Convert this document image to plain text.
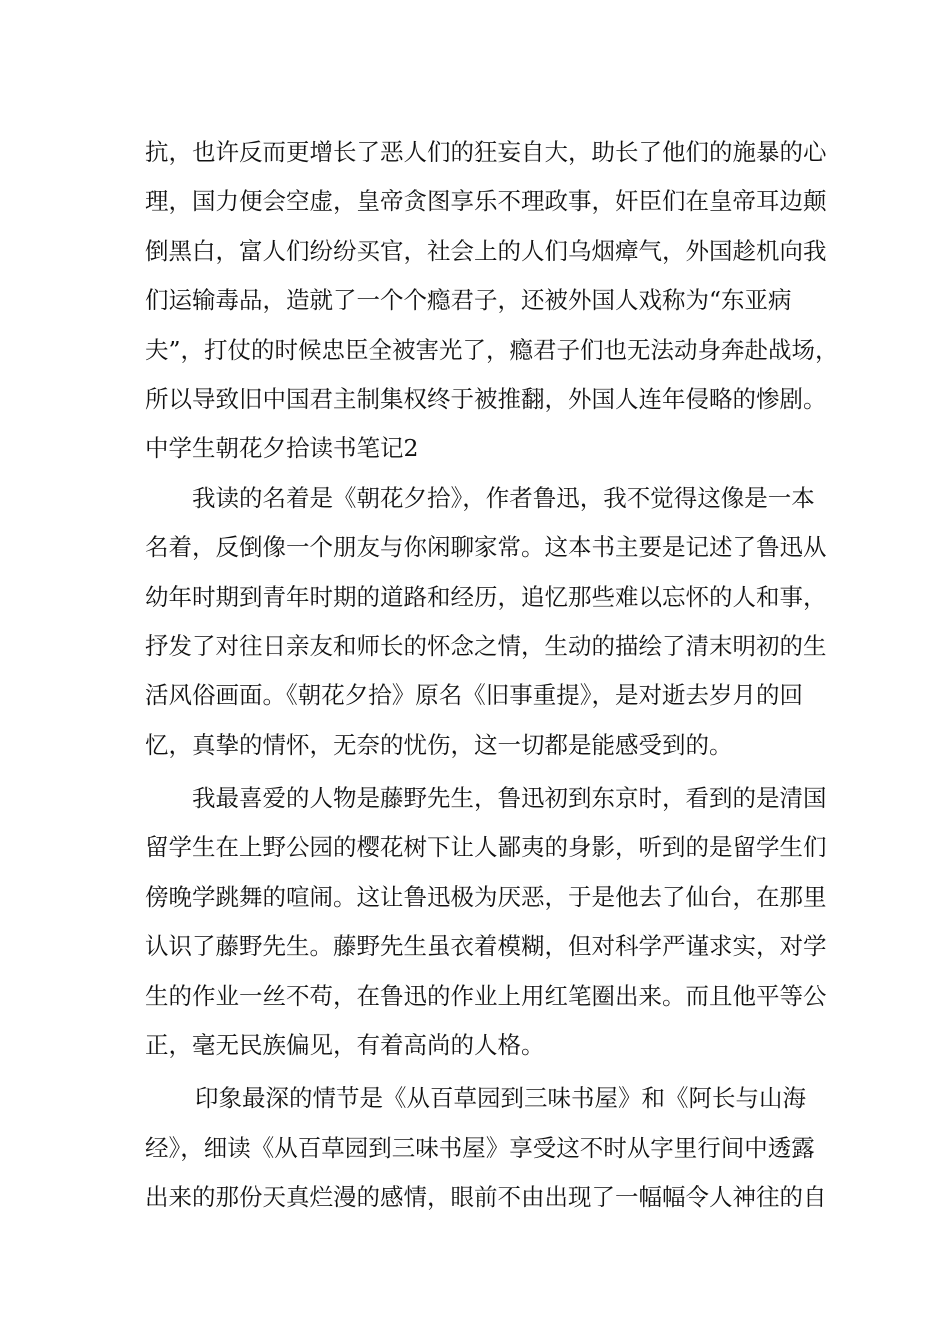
抗，也许反而更增长了恶人们的狂妄自大，助长了他们的施暴的心
理，国力便会空虚，皇帝贪图享乐不理政事，奸臣们在皇帝耳边颠
倒黑白，富人们纷纷买官，社会上的人们乌烟瘴气，外国趁机向我
们运输毒品，造就了一个个瘾君子，还被外国人戏称为“东亚病
夫”，打仗的时候忠臣全被害光了，瘾君子们也无法动身奔赴战场，
所以导致旧中国君主制集权终于被推翻，外国人连年侵略的惨剧。
中学生朝花夕拾读书笔记2
我读的名着是《朝花夕拾》，作者鲁迅，我不觉得这像是一本
名着，反倒像一个朋友与你闲聊家常。这本书主要是记述了鲁迅从
幼年时期到青年时期的道路和经历，追忆那些难以忘怀的人和事，
抒发了对往日亲友和师长的怀念之情，生动的描绘了清末明初的生
活风俗画面。《朝花夕拾》原名《旧事重提》，是对逝去岁月的回
忆，真挚的情怀，无奈的忧伤，这一切都是能感受到的。
我最喜爱的人物是藤野先生，鲁迅初到东京时，看到的是清国
留学生在上野公园的樱花树下让人鄙夷的身影，听到的是留学生们
傍晚学跳舞的喧闹。这让鲁迅极为厌恶，于是他去了仙台，在那里
认识了藤野先生。藤野先生虽衣着模糊，但对科学严谨求实，对学
生的作业一丝不苟，在鲁迅的作业上用红笔圈出来。而且他平等公
正，毫无民族偏见，有着高尚的人格。
印象最深的情节是《从百草园到三味书屋》和《阿长与山海
经》，细读《从百草园到三味书屋》享受这不时从字里行间中透露
出来的那份天真烂漫的感情，眼前不由出现了一幅幅令人神往的自
